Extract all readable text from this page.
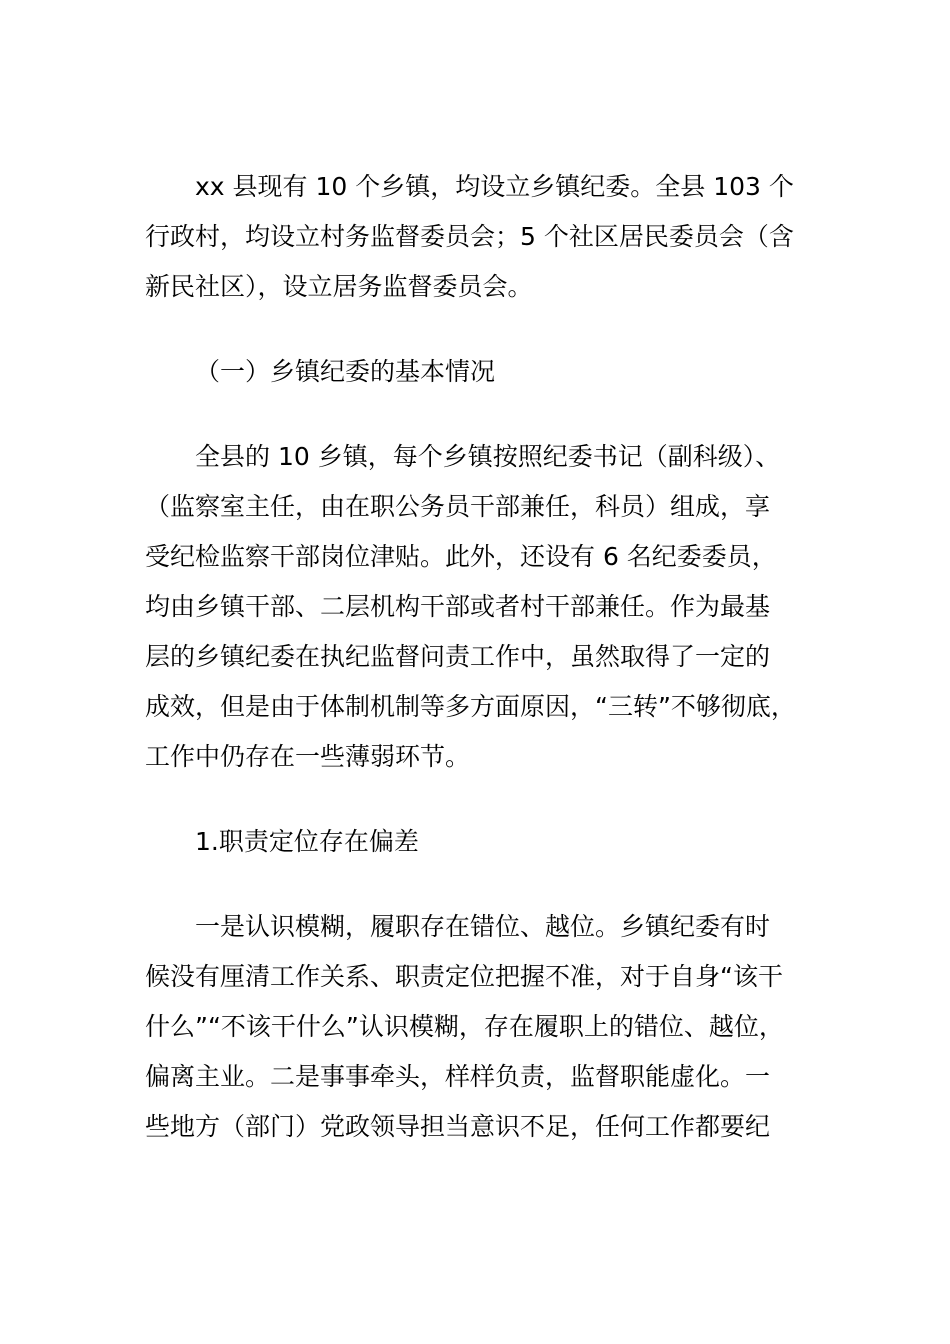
xx 县现有 10 个乡镇，均设立乡镇纪委。全县 103 个
行政村，均设立村务监督委员会；5 个社区居民委员会（含
新民社区），设立居务监督委员会。
（一）乡镇纪委的基本情况
全县的 10 乡镇，每个乡镇按照纪委书记（副科级）、
（监察室主任，由在职公务员干部兼任，科员）组成，享
受纪检监察干部岗位津贴。此外，还设有 6 名纪委委员，
均由乡镇干部、二层机构干部或者村干部兼任。作为最基
层的乡镇纪委在执纪监督问责工作中，虽然取得了一定的
成效，但是由于体制机制等多方面原因，“三转”不够彻底，
工作中仍存在一些薄弱环节。
1.职责定位存在偏差
一是认识模糊，履职存在错位、越位。乡镇纪委有时
候没有厘清工作关系、职责定位把握不准，对于自身“该干
什么”“不该干什么”认识模糊，存在履职上的错位、越位，
偏离主业。二是事事牵头，样样负责，监督职能虚化。一
些地方（部门）党政领导担当意识不足，任何工作都要纪
